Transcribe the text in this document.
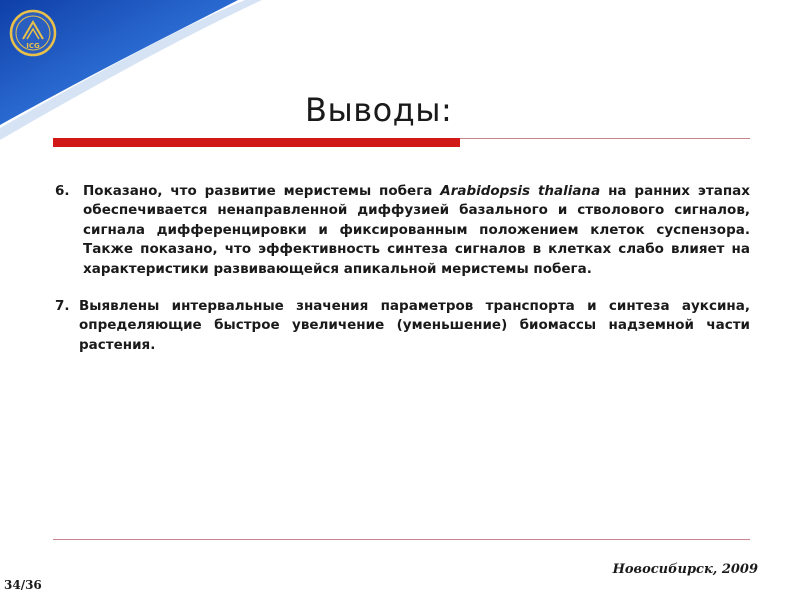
ICG
Выводы:
6. Показано, что развитие меристемы побега Arabidopsis thaliana на ранних этапах обеспечивается ненаправленной диффузией базального и стволового сигналов, сигнала дифференцировки и фиксированным положением клеток суспензора. Также показано, что эффективность синтеза сигналов в клетках слабо влияет на характеристики развивающейся апикальной меристемы побега.
7. Выявлены интервальные значения параметров транспорта и синтеза ауксина, определяющие быстрое увеличение (уменьшение) биомассы надземной части растения.
Новосибирск, 2009
34/36
